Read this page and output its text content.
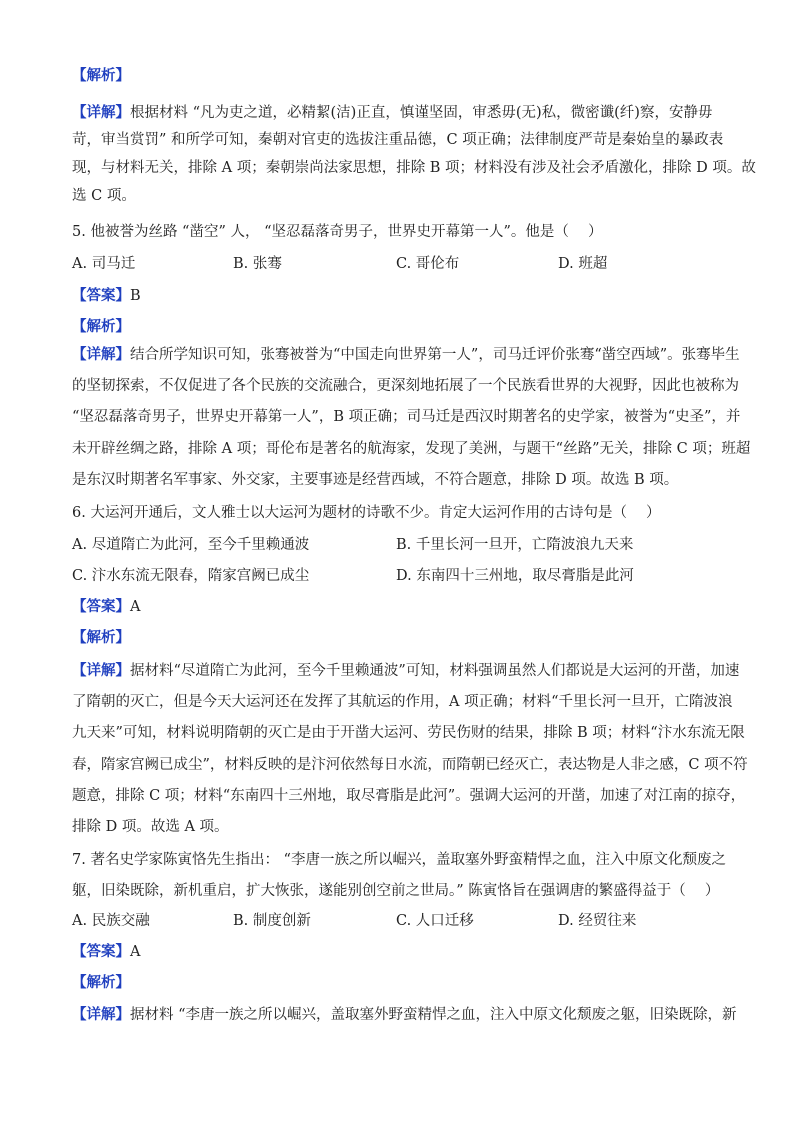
【解析】
【详解】根据材料 “凡为吏之道，必精絜(洁)正直，慎谨坚固，审悉毋(无)私，微密谶(纤)察，安静毋
苛，审当赏罚” 和所学可知，秦朝对官吏的选拔注重品德，C 项正确；法律制度严苛是秦始皇的暴政表
现，与材料无关，排除 A 项；秦朝崇尚法家思想，排除 B 项；材料没有涉及社会矛盾激化，排除 D 项。故
选 C 项。
5. 他被誉为丝路 “凿空” 人， “坚忍磊落奇男子，世界史开幕第一人”。他是（　 ）
A. 司马迁	B. 张骞	C. 哥伦布	D. 班超
【答案】B
【解析】
【详解】结合所学知识可知，张骞被誉为“中国走向世界第一人”，司马迁评价张骞“凿空西域”。张骞毕生
的坚韧探索，不仅促进了各个民族的交流融合，更深刻地拓展了一个民族看世界的大视野，因此也被称为
“坚忍磊落奇男子，世界史开幕第一人”，B 项正确；司马迁是西汉时期著名的史学家，被誉为“史圣”，并
未开辟丝绸之路，排除 A 项；哥伦布是著名的航海家，发现了美洲，与题干“丝路”无关，排除 C 项；班超
是东汉时期著名军事家、外交家，主要事迹是经营西域，不符合题意，排除 D 项。故选 B 项。
6. 大运河开通后，文人雅士以大运河为题材的诗歌不少。肯定大运河作用的古诗句是（　 ）
A. 尽道隋亡为此河，至今千里赖通波	B. 千里长河一旦开，亡隋波浪九天来
C. 汴水东流无限春，隋家宫阙已成尘	D. 东南四十三州地，取尽膏脂是此河
【答案】A
【解析】
【详解】据材料“尽道隋亡为此河，至今千里赖通波”可知，材料强调虽然人们都说是大运河的开凿，加速
了隋朝的灭亡，但是今天大运河还在发挥了其航运的作用，A 项正确；材料“千里长河一旦开，亡隋波浪
九天来”可知，材料说明隋朝的灭亡是由于开凿大运河、劳民伤财的结果，排除 B 项；材料“汴水东流无限
春，隋家宫阙已成尘”，材料反映的是汴河依然每日水流，而隋朝已经灭亡，表达物是人非之感，C 项不符
题意，排除 C 项；材料“东南四十三州地，取尽膏脂是此河”。强调大运河的开凿，加速了对江南的掠夺，
排除 D 项。故选 A 项。
7. 著名史学家陈寅恪先生指出： “李唐一族之所以崛兴，盖取塞外野蛮精悍之血，注入中原文化颓废之
躯，旧染既除，新机重启，扩大恢张，遂能别创空前之世局。” 陈寅恪旨在强调唐的繁盛得益于（　 ）
A. 民族交融	B. 制度创新	C. 人口迁移	D. 经贸往来
【答案】A
【解析】
【详解】据材料 “李唐一族之所以崛兴，盖取塞外野蛮精悍之血，注入中原文化颓废之躯，旧染既除，新
